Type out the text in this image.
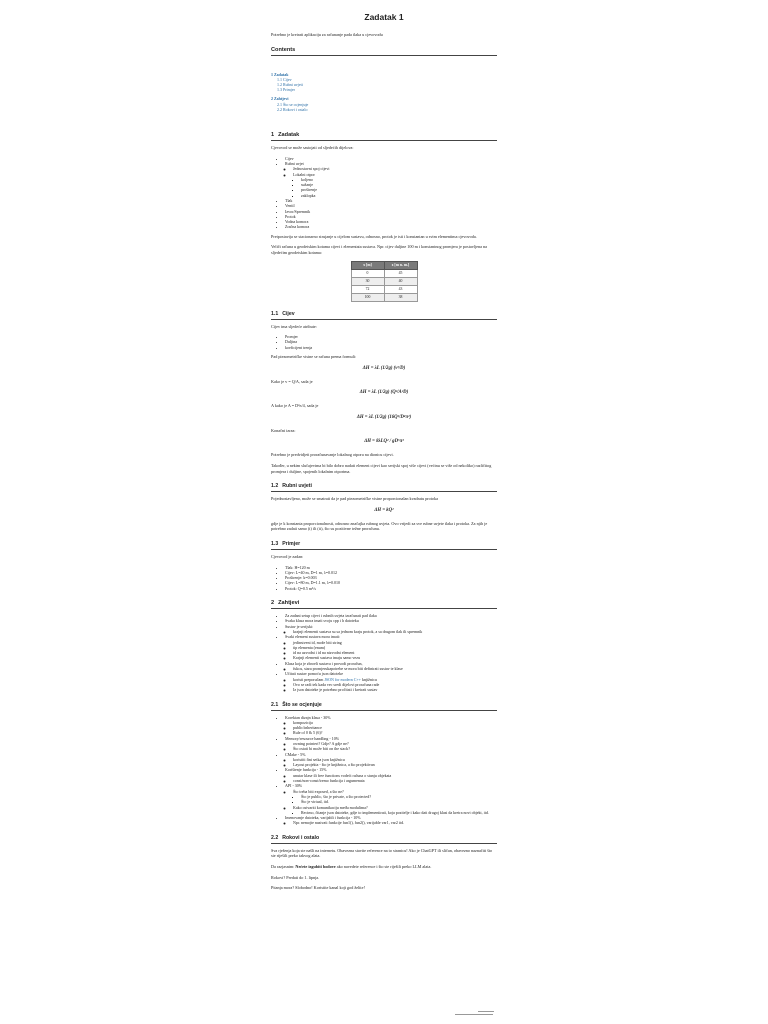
Zadatak 1

Potrebno je kreirati aplikaciju za računanje pada tlaka u cjevovodu

Contents
1 Zadatak
1.1 Cijev
1.2 Rubni uvjeti
1.3 Primjer
2 Zahtjevi
2.1 Što se ocjenjuje
2.2 Rokovi i ostalo
1 Zadatak

Cjevovod se može sastojati od sljedećih dijelova:

• Cijev
• Rubni uvjet
◦ Jednostavni spoj cijevi
◦ Lokalni otpor
▪ koljeno
▪ sužanje
▪ proširenje
▪ zaklopka
• Tlak
• Ventil
• Izvor/Spremnik
• Protok
• Vodna komora
• Zračna komora

Pretpostavija se stacionarno strujanje u cijelom sustavu, odnosno, protok je isti i konstantan u svim elementima cjevovoda.

Veličt računa u geodetskim kotama cijevi i elementata sustava. Npr. cijev duljine 100 m i konstantnog promjera je postavljena na sljedećim geodetskim kotama:

x [m]	z [m n. m.]
0	45
30	40
72	43
100	38
1.1 Cijev

Cijev ima sljedeće atribute:

• Promjer
• Duljina
• koeficijent trenja

Pad piezometričke visine se računa prema formuli:

ΔH = λL (1/2g) (v²/D)

Kako je v = Q/A, sada je

ΔH = λL (1/2g) (Q²/A²D)

A kako je A = D²π/4, sada je

ΔH = λL (1/2g) (16Q²/D⁴π²)

Konačni izraz:

ΔH = 8λLQ² / gD⁵π²

Potrebno je predvidjeti proračunavanje lokalnog otpora na dionicu cijevi.

Također, u nekim slučajevima bi bilo dobro nadati element cijevi kao serijski spoj više cijevi (većinu se više od nekoliko) različitog promjera i duljine, spojenih lokalnim otporima.

1.2 Rubni uvjeti

Pojednostavljeno, može se smatrati da je pad piezometričke visine proporcionalan kvadratu protoka

ΔH = kQ²

gdje je k konstanta proporcionalnosti, odnosno značajka rubnog uvjeta. Ovo vrijedi za sve rubne uvjete tlaka i protoka. Za njih je potrebno zadati samo (i) ili (ii), što su pozitivne težne proračunu.

1.3 Primjer

Cjevovod je zadan:

• Tlak: H=120 m
• Cijev: L=40 m, D=1 m, λ=0.012
• Proširenje: k=0.003
• Cijev: L=80 m, D=1.1 m, λ=0.010
• Protok: Q=0.5 m³/s
2 Zahtjevi
• Za zadani setup cijevi i rubnih uvjeta izračunati pad tlaka
• Svaka klasa mora imati svoju cpp i h datoteku
• Sustav je serijski:
◦ krajnji elementi sustava su sa jednom kraju protok, a sa drugom tlak ili spremnik
• Svaki element sustava mora imati:
◦ jedinstveni id, može biti string
◦ tip elementa (enum)
◦ id na uzvodni i id na nizvodni element
◦ Krajnji elementi sustava imaju samo vezu
• Klasa koja je zbroeli sustava i provodi proračun,
◦ fukcu, stara promjerukapotrebe se mora biti definirati sustav te klase
• Učitati sustav pomoću json datoteke
◦ koristi preporučam JSON for modern C++ knjižnicu
◦ Ovo se radi tek kada vec sredi dijelovi proračuna rade
◦ Iz json datoteke je potrebno pročitati i kreirati sustav
2.1 Što se ocjenjuje
• Korektan dizajn klasa - 30%
◦ kompozicija
◦ public/inheritance
◦ Rule of 0 & 5 (6)?
• Memory/resource handling - 10%
◦ owning pointeri? Gdje? A gdje ne?
◦ Što ostati bi može biti on the stack?
• CMake - 5%
◦ koristiti fini setka json knjižnicu
◦ Layout projekta - što je knjižnica, a što projektivan
• Korištenje funkcija - 15%
◦ unutar klase ili free functions vodeći računa o stanju objekata
◦ const/non-const/tremo funkcija i argumenata
• API - 30%
◦ Što treba biti exposed, a što ne?
▪ Što je public, što je private, a što protected?
▪ Što je virtual, itd.
◦ Kako ostvariti komunikaciju među modulima?
▪ Recimo, čitanje json datoteke, gdje to implementirati, koja pozitelje i kako dati drugoj klasi da kreira novi objekt, itd.
• Imenovanje datoteka, varijabli i funkcija - 10%
◦ Npr. nemojte nazivati funkcije fun1(), fun2(), varijable var1, var2 itd.
2.2 Rokovi i ostalo

Sva rješenja koja ste našli na internetu. Obavezna stavite reference na to stranicu! Ako je ChatGPT ili sličan, obavezno naznačiti što ste riješili preko takvog alata.

Da razjasnim: Nećete izgubiti bodove ako navedete reference i što ste riješili preko LLM alata.

Rokovi? Predati do 1. lipnja.

Pitanja mora? Slobodno! Koristite kanal koji god želite!
